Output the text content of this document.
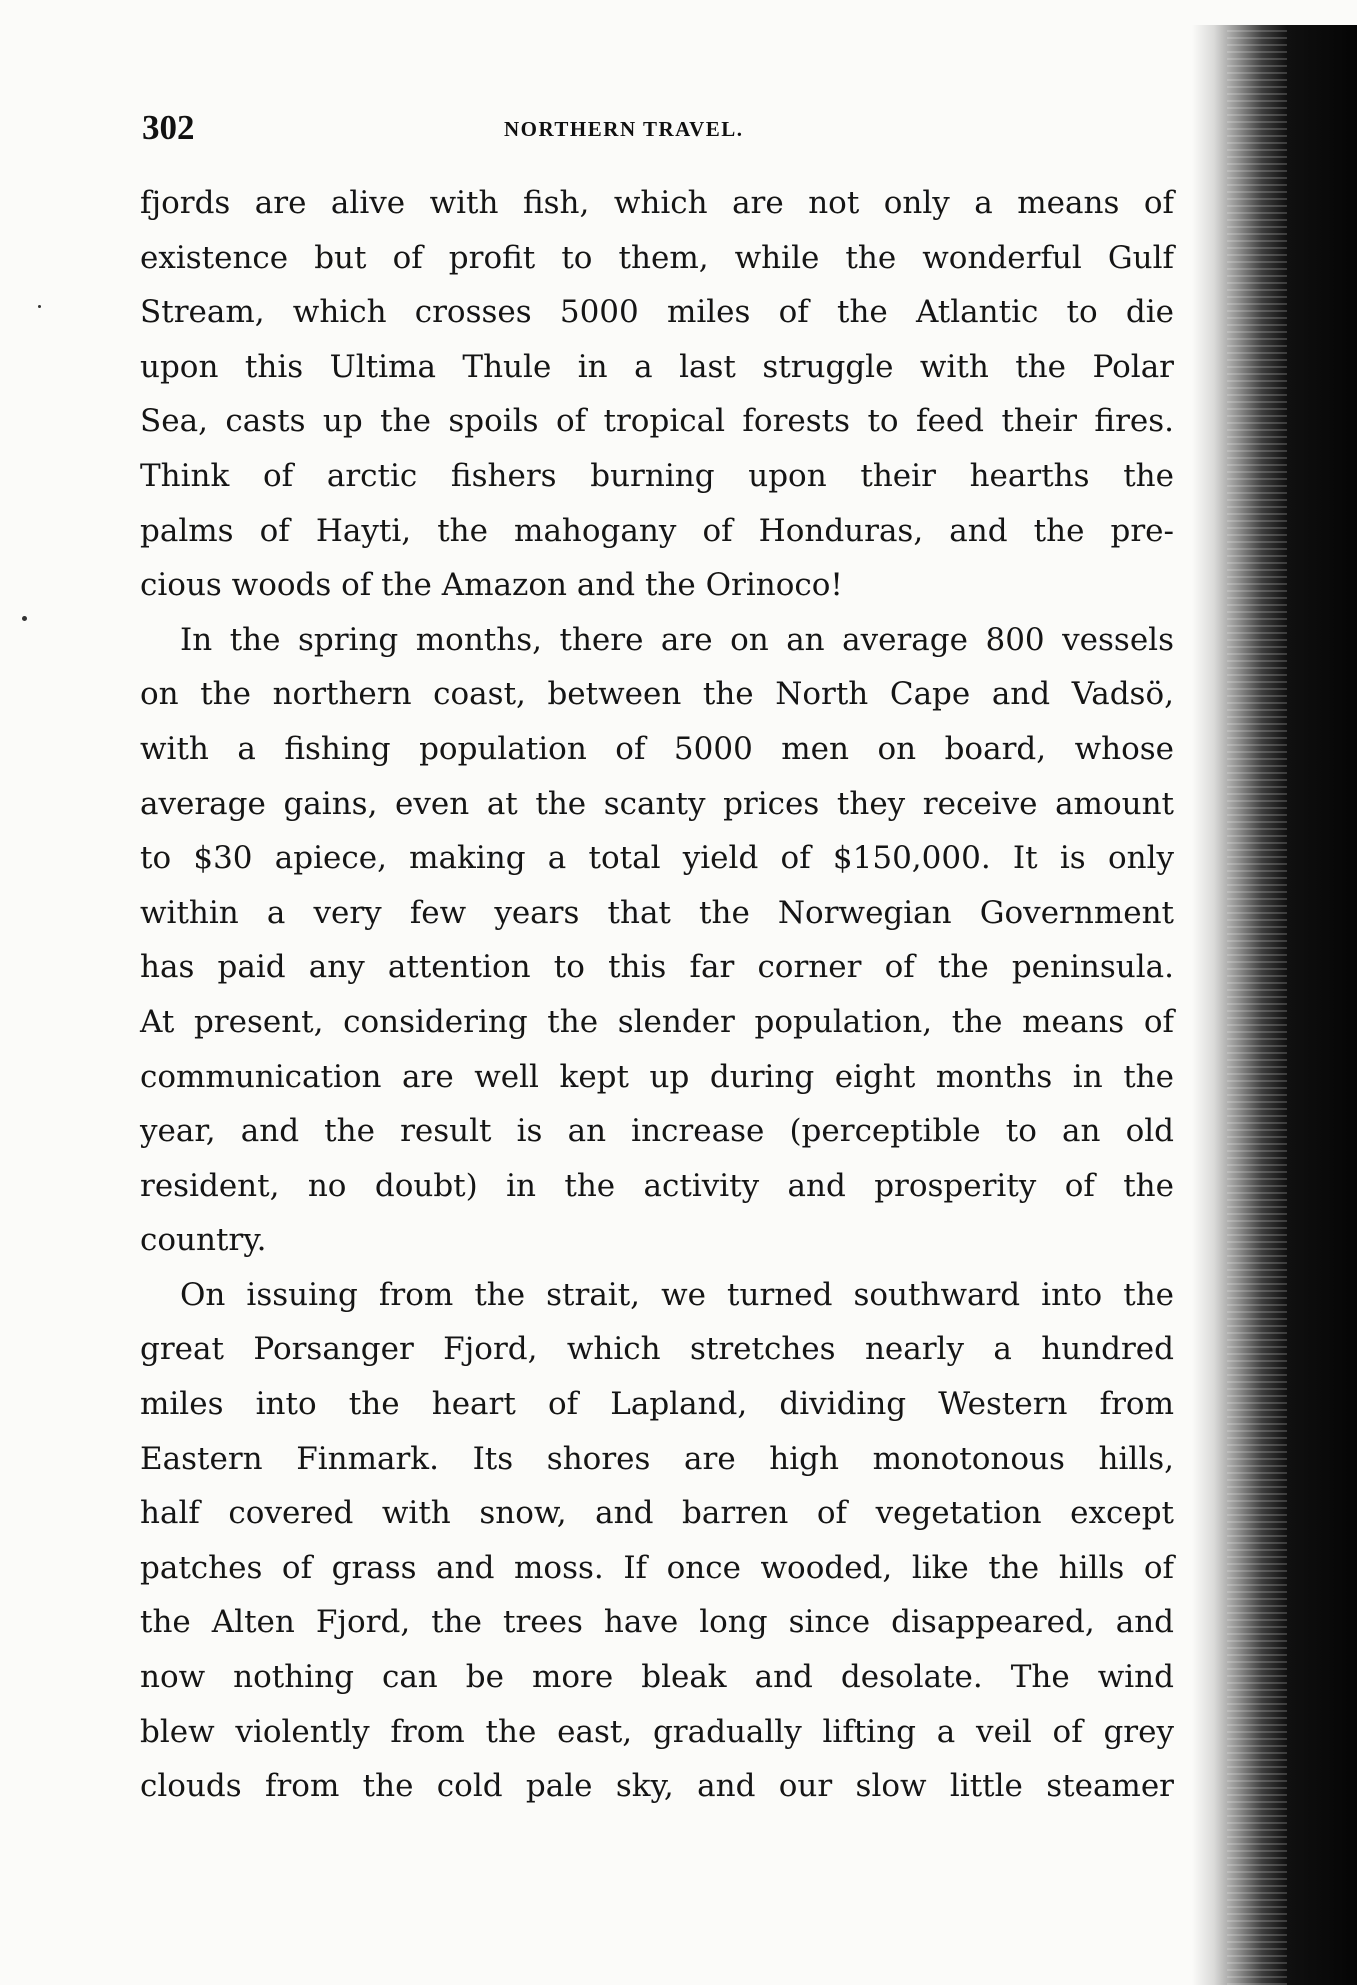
302	NORTHERN TRAVEL.
fjords are alive with fish, which are not only a means of
existence but of profit to them, while the wonderful Gulf
Stream, which crosses 5000 miles of the Atlantic to die
upon this Ultima Thule in a last struggle with the Polar
Sea, casts up the spoils of tropical forests to feed their fires.
Think of arctic fishers burning upon their hearths the
palms of Hayti, the mahogany of Honduras, and the pre-
cious woods of the Amazon and the Orinoco!
In the spring months, there are on an average 800 vessels
on the northern coast, between the North Cape and Vadsö,
with a fishing population of 5000 men on board, whose
average gains, even at the scanty prices they receive amount
to $30 apiece, making a total yield of $150,000. It is only
within a very few years that the Norwegian Government
has paid any attention to this far corner of the peninsula.
At present, considering the slender population, the means of
communication are well kept up during eight months in the
year, and the result is an increase (perceptible to an old
resident, no doubt) in the activity and prosperity of the
country.
On issuing from the strait, we turned southward into the
great Porsanger Fjord, which stretches nearly a hundred
miles into the heart of Lapland, dividing Western from
Eastern Finmark. Its shores are high monotonous hills,
half covered with snow, and barren of vegetation except
patches of grass and moss. If once wooded, like the hills of
the Alten Fjord, the trees have long since disappeared, and
now nothing can be more bleak and desolate. The wind
blew violently from the east, gradually lifting a veil of grey
clouds from the cold pale sky, and our slow little steamer
